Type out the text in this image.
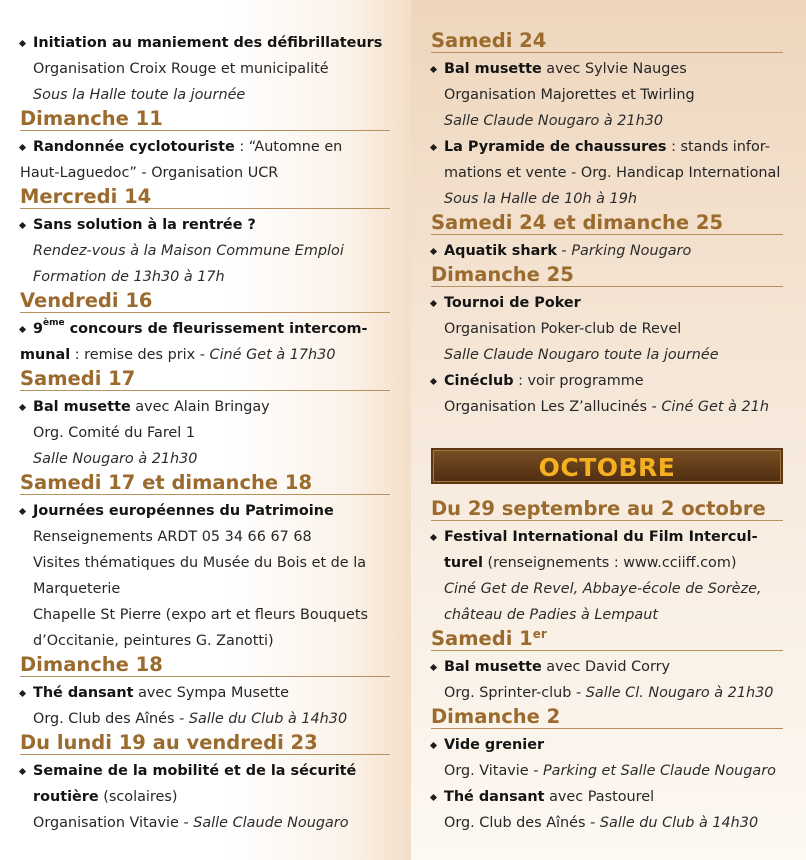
Initiation au maniement des défibrillateurs
Organisation Croix Rouge et municipalité
Sous la Halle toute la journée
Dimanche 11
Randonnée cyclotouriste : “Automne en
Haut-Laguedoc” - Organisation UCR
Mercredi 14
Sans solution à la rentrée ?
Rendez-vous à la Maison Commune Emploi
Formation de 13h30 à 17h
Vendredi 16
9ème concours de fleurissement intercom-
munal : remise des prix - Ciné Get à 17h30
Samedi 17
Bal musette avec Alain Bringay
Org. Comité du Farel 1
Salle Nougaro à 21h30
Samedi 17 et dimanche 18
Journées européennes du Patrimoine
Renseignements ARDT 05 34 66 67 68
Visites thématiques du Musée du Bois et de la
Marqueterie
Chapelle St Pierre (expo art et fleurs Bouquets
d’Occitanie, peintures G. Zanotti)
Dimanche 18
Thé dansant avec Sympa Musette
Org. Club des Aînés - Salle du Club à 14h30
Du lundi 19 au vendredi 23
Semaine de la mobilité et de la sécurité
routière (scolaires)
Organisation Vitavie - Salle Claude Nougaro
Samedi 24
Bal musette avec Sylvie Nauges
Organisation Majorettes et Twirling
Salle Claude Nougaro à 21h30
La Pyramide de chaussures : stands infor-
mations et vente - Org. Handicap International
Sous la Halle de 10h à 19h
Samedi 24 et dimanche 25
Aquatik shark - Parking Nougaro
Dimanche 25
Tournoi de Poker
Organisation Poker-club de Revel
Salle Claude Nougaro toute la journée
Cinéclub : voir programme
Organisation Les Z’allucinés - Ciné Get à 21h
OCTOBRE
Du 29 septembre au 2 octobre
Festival International du Film Intercul-
turel (renseignements : www.cciiff.com)
Ciné Get de Revel, Abbaye-école de Sorèze,
château de Padies à Lempaut
Samedi 1er
Bal musette avec David Corry
Org. Sprinter-club - Salle Cl. Nougaro à 21h30
Dimanche 2
Vide grenier
Org. Vitavie - Parking et Salle Claude Nougaro
Thé dansant avec Pastourel
Org. Club des Aînés - Salle du Club à 14h30
